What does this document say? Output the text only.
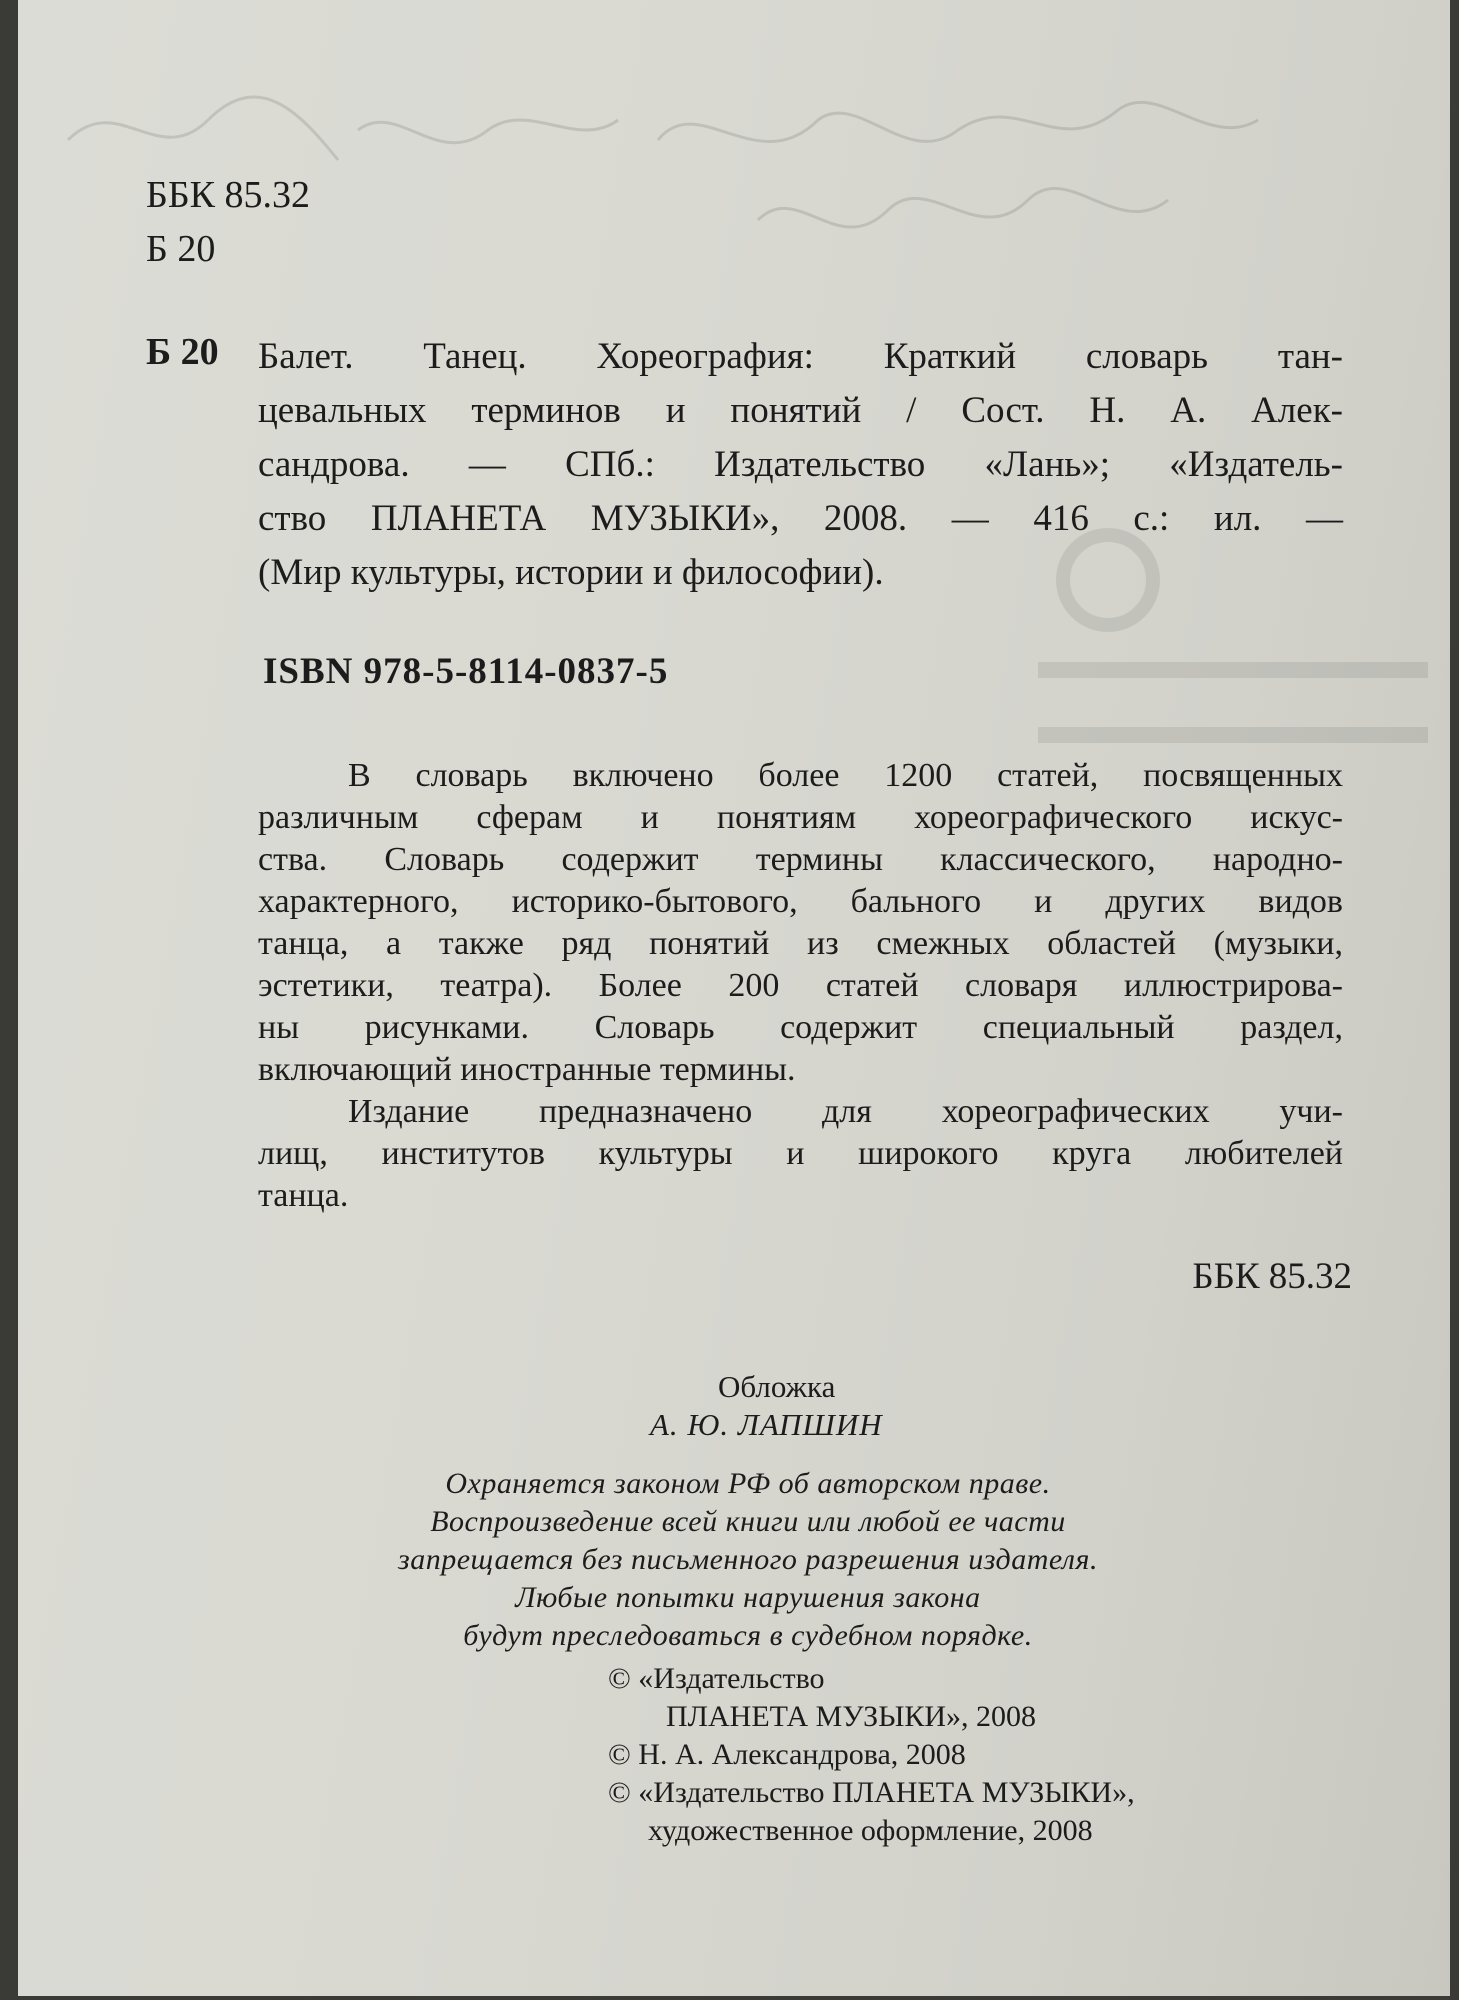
ББК 85.32
Б 20
Б 20 Балет. Танец. Хореография: Краткий словарь тан-
цевальных терминов и понятий / Сост. Н. А. Алек-
сандрова. — СПб.: Издательство «Лань»; «Издатель-
ство ПЛАНЕТА МУЗЫКИ», 2008. — 416 с.: ил. —
(Мир культуры, истории и философии).
ISBN 978-5-8114-0837-5
В словарь включено более 1200 статей, посвященных
различным сферам и понятиям хореографического искус-
ства. Словарь содержит термины классического, народно-
характерного, историко-бытового, бального и других видов
танца, а также ряд понятий из смежных областей (музыки,
эстетики, театра). Более 200 статей словаря иллюстрирова-
ны рисунками. Словарь содержит специальный раздел,
включающий иностранные термины.
Издание предназначено для хореографических учи-
лищ, институтов культуры и широкого круга любителей
танца.
ББК 85.32
Обложка
А. Ю. ЛАПШИН
Охраняется законом РФ об авторском праве.
Воспроизведение всей книги или любой ее части
запрещается без письменного разрешения издателя.
Любые попытки нарушения закона
будут преследоваться в судебном порядке.
© «Издательство
ПЛАНЕТА МУЗЫКИ», 2008
© Н. А. Александрова, 2008
© «Издательство ПЛАНЕТА МУЗЫКИ»,
художественное оформление, 2008
